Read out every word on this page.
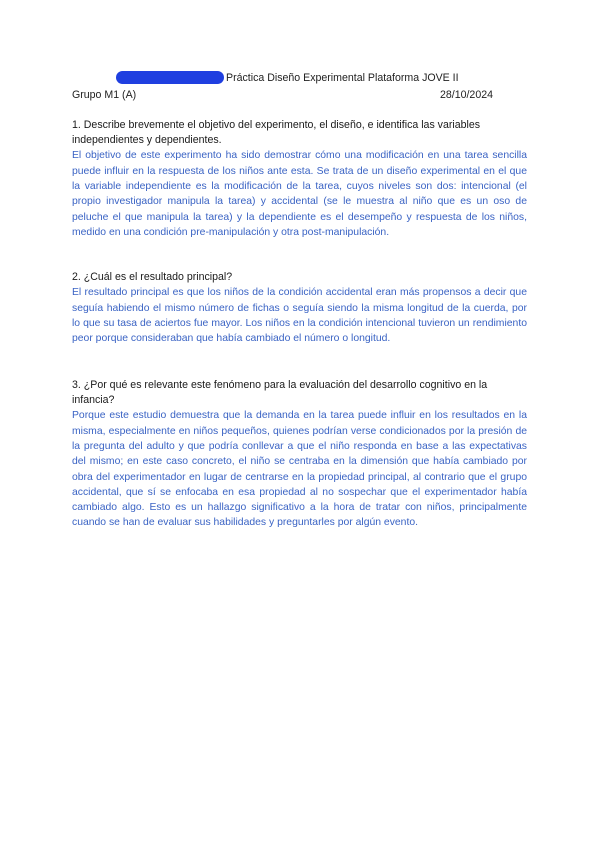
Práctica Diseño Experimental Plataforma JOVE II
Grupo M1 (A)	28/10/2024

1. Describe brevemente el objetivo del experimento, el diseño, e identifica las variables independientes y dependientes.

El objetivo de este experimento ha sido demostrar cómo una modificación en una tarea sencilla puede influir en la respuesta de los niños ante esta. Se trata de un diseño experimental en el que la variable independiente es la modificación de la tarea, cuyos niveles son dos: intencional (el propio investigador manipula la tarea) y accidental (se le muestra al niño que es un oso de peluche el que manipula la tarea) y la dependiente es el desempeño y respuesta de los niños, medido en una condición pre-manipulación y otra post-manipulación.

2. ¿Cuál es el resultado principal?

El resultado principal es que los niños de la condición accidental eran más propensos a decir que seguía habiendo el mismo número de fichas o seguía siendo la misma longitud de la cuerda, por lo que su tasa de aciertos fue mayor. Los niños en la condición intencional tuvieron un rendimiento peor porque consideraban que había cambiado el número o longitud.

3. ¿Por qué es relevante este fenómeno para la evaluación del desarrollo cognitivo en la infancia?

Porque este estudio demuestra que la demanda en la tarea puede influir en los resultados en la misma, especialmente en niños pequeños, quienes podrían verse condicionados por la presión de la pregunta del adulto y que podría conllevar a que el niño responda en base a las expectativas del mismo; en este caso concreto, el niño se centraba en la dimensión que había cambiado por obra del experimentador en lugar de centrarse en la propiedad principal, al contrario que el grupo accidental, que sí se enfocaba en esa propiedad al no sospechar que el experimentador había cambiado algo. Esto es un hallazgo significativo a la hora de tratar con niños, principalmente cuando se han de evaluar sus habilidades y preguntarles por algún evento.
